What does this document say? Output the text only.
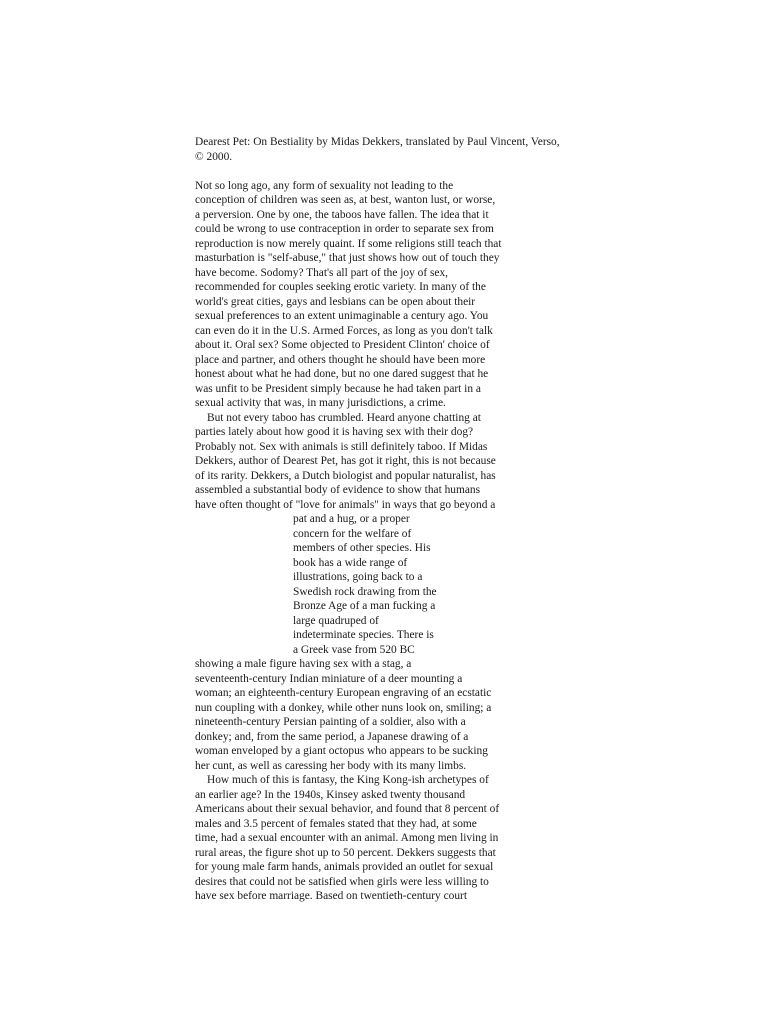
Dearest Pet: On Bestiality by Midas Dekkers, translated by Paul Vincent, Verso,
© 2000.
Not so long ago, any form of sexuality not leading to the
conception of children was seen as, at best, wanton lust, or worse,
a perversion. One by one, the taboos have fallen. The idea that it
could be wrong to use contraception in order to separate sex from
reproduction is now merely quaint. If some religions still teach that
masturbation is "self-abuse," that just shows how out of touch they
have become. Sodomy? That's all part of the joy of sex,
recommended for couples seeking erotic variety. In many of the
world's great cities, gays and lesbians can be open about their
sexual preferences to an extent unimaginable a century ago. You
can even do it in the U.S. Armed Forces, as long as you don't talk
about it. Oral sex? Some objected to President Clinton' choice of
place and partner, and others thought he should have been more
honest about what he had done, but no one dared suggest that he
was unfit to be President simply because he had taken part in a
sexual activity that was, in many jurisdictions, a crime.
But not every taboo has crumbled. Heard anyone chatting at
parties lately about how good it is having sex with their dog?
Probably not. Sex with animals is still definitely taboo. If Midas
Dekkers, author of Dearest Pet, has got it right, this is not because
of its rarity. Dekkers, a Dutch biologist and popular naturalist, has
assembled a substantial body of evidence to show that humans
have often thought of "love for animals" in ways that go beyond a
pat and a hug, or a proper
concern for the welfare of
members of other species. His
book has a wide range of
illustrations, going back to a
Swedish rock drawing from the
Bronze Age of a man fucking a
large quadruped of
indeterminate species. There is
a Greek vase from 520 BC
showing a male figure having sex with a stag, a
seventeenth-century Indian miniature of a deer mounting a
woman; an eighteenth-century European engraving of an ecstatic
nun coupling with a donkey, while other nuns look on, smiling; a
nineteenth-century Persian painting of a soldier, also with a
donkey; and, from the same period, a Japanese drawing of a
woman enveloped by a giant octopus who appears to be sucking
her cunt, as well as caressing her body with its many limbs.
How much of this is fantasy, the King Kong-ish archetypes of
an earlier age? In the 1940s, Kinsey asked twenty thousand
Americans about their sexual behavior, and found that 8 percent of
males and 3.5 percent of females stated that they had, at some
time, had a sexual encounter with an animal. Among men living in
rural areas, the figure shot up to 50 percent. Dekkers suggests that
for young male farm hands, animals provided an outlet for sexual
desires that could not be satisfied when girls were less willing to
have sex before marriage. Based on twentieth-century court
